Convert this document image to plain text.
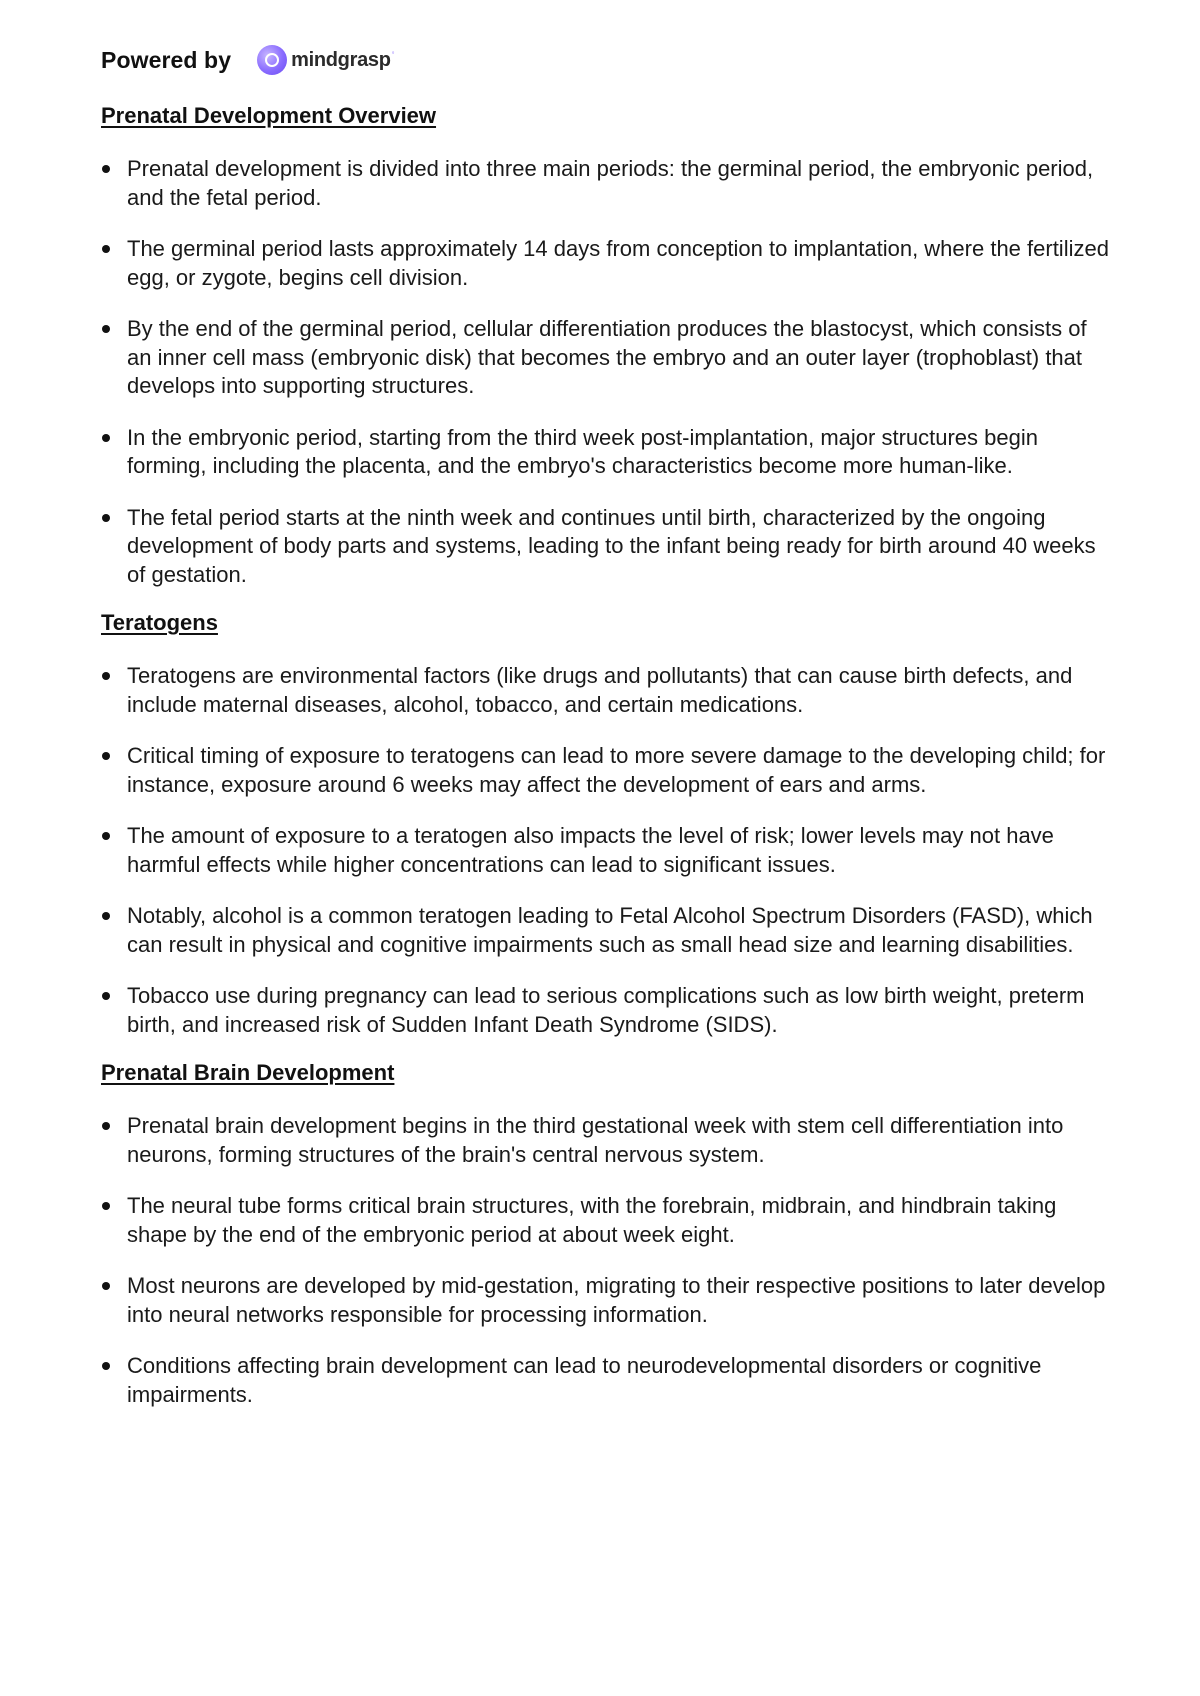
Powered by	mindgrasp ◦
Prenatal Development Overview
Prenatal development is divided into three main periods: the germinal period, the embryonic period, and the fetal period.
The germinal period lasts approximately 14 days from conception to implantation, where the fertilized egg, or zygote, begins cell division.
By the end of the germinal period, cellular differentiation produces the blastocyst, which consists of an inner cell mass (embryonic disk) that becomes the embryo and an outer layer (trophoblast) that develops into supporting structures.
In the embryonic period, starting from the third week post-implantation, major structures begin forming, including the placenta, and the embryo's characteristics become more human-like.
The fetal period starts at the ninth week and continues until birth, characterized by the ongoing development of body parts and systems, leading to the infant being ready for birth around 40 weeks of gestation.
Teratogens
Teratogens are environmental factors (like drugs and pollutants) that can cause birth defects, and include maternal diseases, alcohol, tobacco, and certain medications.
Critical timing of exposure to teratogens can lead to more severe damage to the developing child; for instance, exposure around 6 weeks may affect the development of ears and arms.
The amount of exposure to a teratogen also impacts the level of risk; lower levels may not have harmful effects while higher concentrations can lead to significant issues.
Notably, alcohol is a common teratogen leading to Fetal Alcohol Spectrum Disorders (FASD), which can result in physical and cognitive impairments such as small head size and learning disabilities.
Tobacco use during pregnancy can lead to serious complications such as low birth weight, preterm birth, and increased risk of Sudden Infant Death Syndrome (SIDS).
Prenatal Brain Development
Prenatal brain development begins in the third gestational week with stem cell differentiation into neurons, forming structures of the brain's central nervous system.
The neural tube forms critical brain structures, with the forebrain, midbrain, and hindbrain taking shape by the end of the embryonic period at about week eight.
Most neurons are developed by mid-gestation, migrating to their respective positions to later develop into neural networks responsible for processing information.
Conditions affecting brain development can lead to neurodevelopmental disorders or cognitive impairments.
